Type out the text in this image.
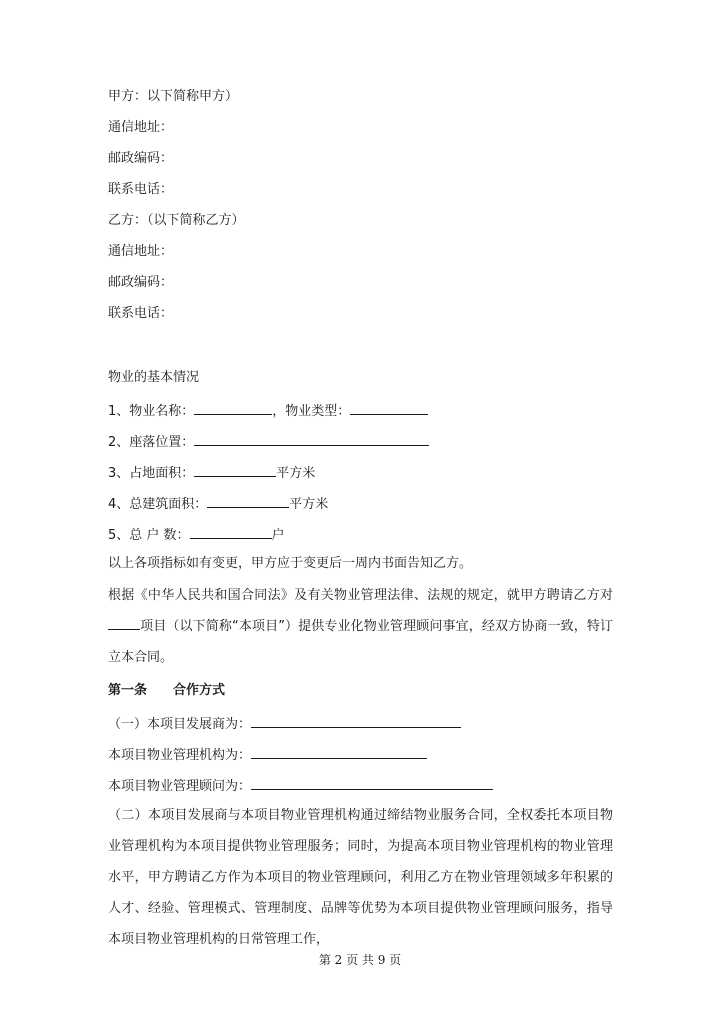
甲方：以下简称甲方）
通信地址：
邮政编码：
联系电话：
乙方：（以下简称乙方）
通信地址：
邮政编码：
联系电话：
物业的基本情况
1、物业名称：	，物业类型：
2、座落位置：
3、占地面积：	平方米
4、总建筑面积：	平方米
5、总 户 数：	户
以上各项指标如有变更，甲方应于变更后一周内书面告知乙方。

根据《中华人民共和国合同法》及有关物业管理法律、法规的规定，就甲方聘请乙方对项目（以下简称“本项目”）提供专业化物业管理顾问事宜，经双方协商一致，特订立本合同。

第一条 合作方式
（一）本项目发展商为：
本项目物业管理机构为：
本项目物业管理顾问为：

（二）本项目发展商与本项目物业管理机构通过缔结物业服务合同，全权委托本项目物业管理机构为本项目提供物业管理服务；同时，为提高本项目物业管理机构的物业管理水平，甲方聘请乙方作为本项目的物业管理顾问，利用乙方在物业管理领域多年积累的人才、经验、管理模式、管理制度、品牌等优势为本项目提供物业管理顾问服务，指导本项目物业管理机构的日常管理工作，

第 2 页 共 9 页
